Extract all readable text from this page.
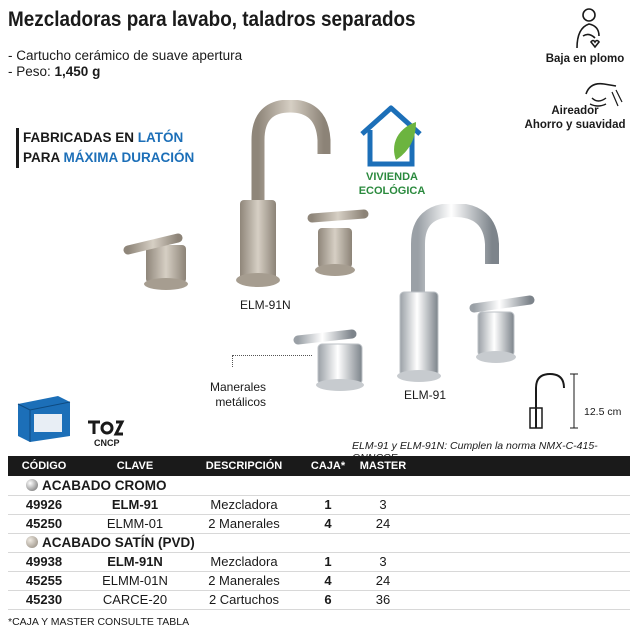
Mezcladoras para lavabo, taladros separados
- Cartucho cerámico de suave apertura
- Peso: 1,450 g
FABRICADAS EN LATÓN
PARA MÁXIMA DURACIÓN
Baja en plomo
Aireador
Ahorro y suavidad
VIVIENDA
ECOLÓGICA
ELM-91N
ELM-91
Manerales
metálicos
12.5 cm
CNCP	ELM-91 y ELM-91N: Cumplen la norma NMX-C-415-
CÓDIGO	CLAVE	DESCRIPCIÓN	CAJA*	MASTER	
ACABADO CROMO					
49926	ELM-91	Mezcladora	1	3	
45250	ELMM-01	2 Manerales	4	24	
ACABADO SATÍN (PVD)					
49938	ELM-91N	Mezcladora	1	3	
45255	ELMM-01N	2 Manerales	4	24	
45230	CARCE-20	2 Cartuchos	6	36	
*CAJA Y MASTER CONSULTE TABLA
